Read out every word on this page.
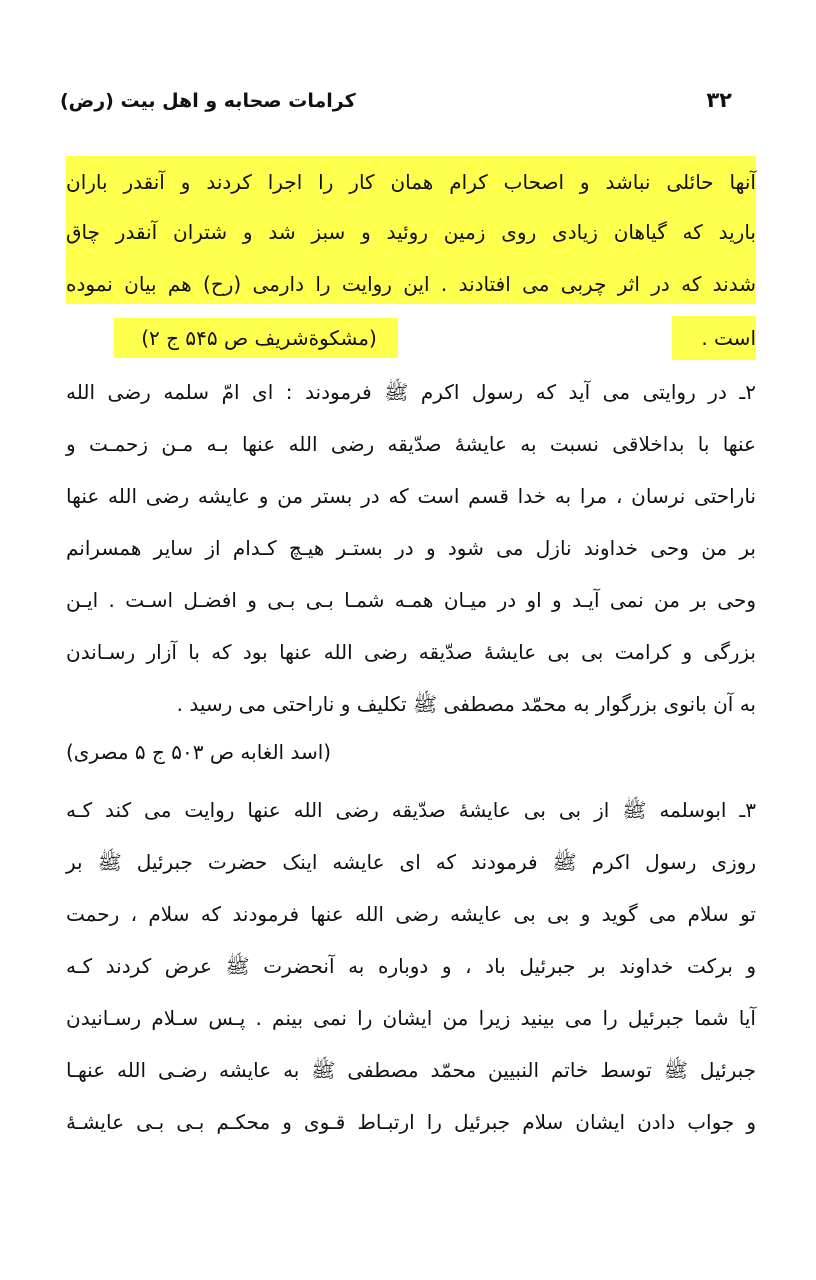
۳۲
کرامات صحابه و اهل بیت (رض)
آنها حائلی نباشد و اصحاب کرام همان کار را اجرا کردند و آنقدر باران
بارید که گیاهان زیادی روی زمین روئید و سبز شد و شتران آنقدر چاق
شدند که در اثر چربی می افتادند . این روایت را دارمی (رح) هم بیان نموده
است .
(مشکوةشریف ص ۵۴۵ ج ۲)
۲ـ در روایتی می آید که رسول اکرم ﷺ فرمودند : ای امّ سلمه رضی الله
عنها با بداخلاقی نسبت به عایشهٔ صدّیقه رضی الله عنها بـه مـن زحمـت و
ناراحتی نرسان ، مرا به خدا قسم است که در بستر من و عایشه رضی الله عنها
بر من وحی خداوند نازل می شود و در بستـر هیـچ کـدام از سایر همسرانم
وحی بر من نمی آیـد و او در میـان همـه شمـا بـی بـی و افضـل اسـت . ایـن
بزرگی و کرامت بی بی عایشهٔ صدّیقه رضی الله عنها بود که با آزار رسـاندن
به آن بانوی بزرگوار به محمّد مصطفی ﷺ تکلیف و ناراحتی می رسید .
(اسد الغابه ص ۵۰۳ ج ۵ مصری)
۳ـ ابوسلمه ﷺ از بی بی عایشهٔ صدّیقه رضی الله عنها روایت می کند کـه
روزی رسول اکرم ﷺ فرمودند که ای عایشه اینک حضرت جبرئیل ﷺ بر
تو سلام می گوید و بی بی عایشه رضی الله عنها فرمودند که سلام ، رحمت
و برکت خداوند بر جبرئیل باد ، و دوباره به آنحضرت ﷺ عرض کردند کـه
آیا شما جبرئیل را می بینید زیرا من ایشان را نمی بینم . پـس سـلام رسـانیدن
جبرئیل ﷺ توسط خاتم النبیین محمّد مصطفی ﷺ به عایشه رضـی الله عنهـا
و جواب دادن ایشان سلام جبرئیل را ارتبـاط قـوی و محکـم بـی بـی عایشـهٔ
